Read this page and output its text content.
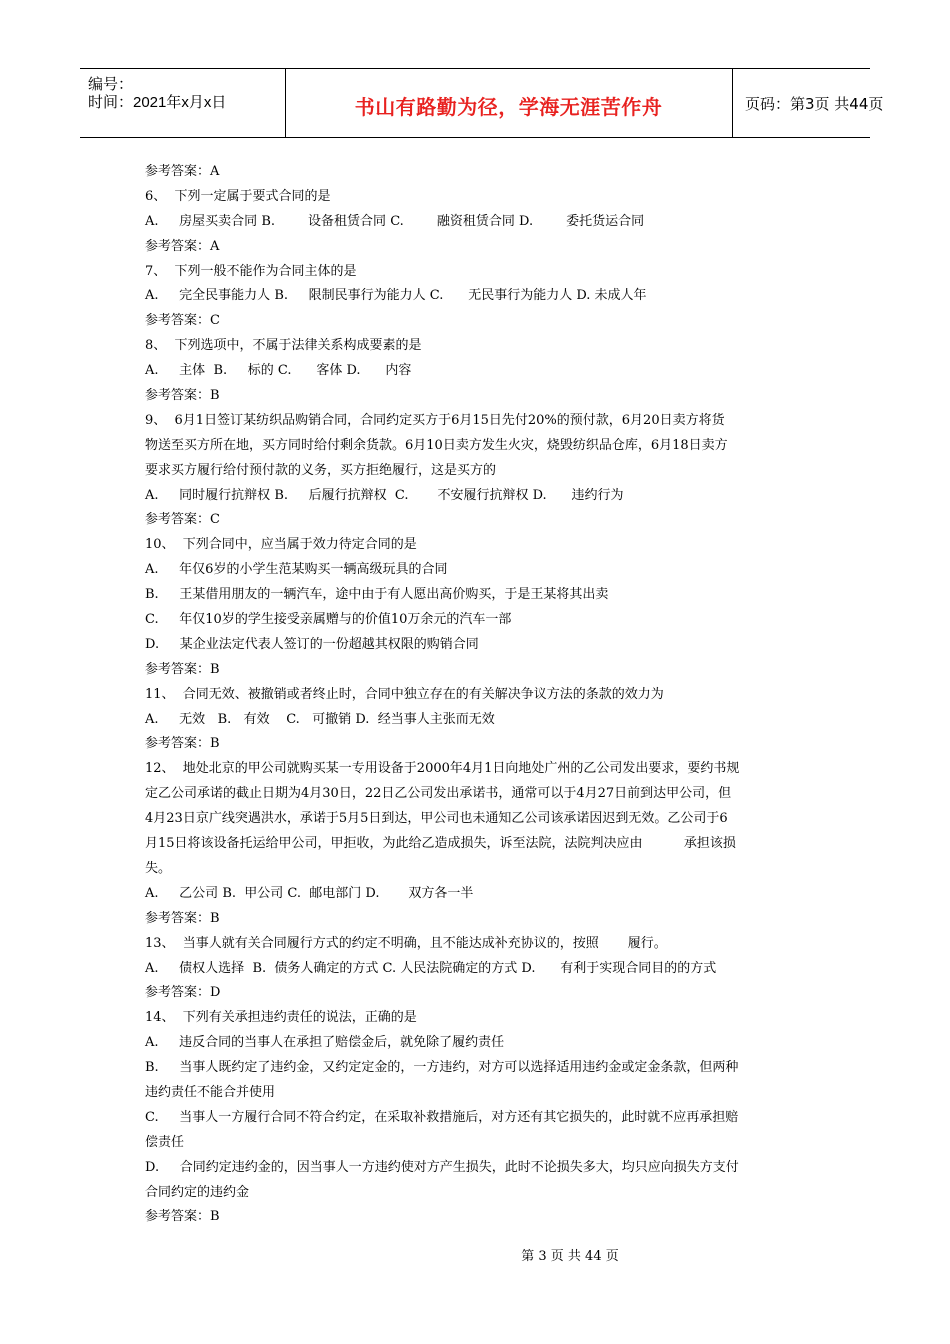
编号：
时间：2021年x月x日	书山有路勤为径，学海无涯苦作舟	页码：第3页 共44页
参考答案：A
6、  下列一定属于要式合同的是
A.     房屋买卖合同 B.        设备租赁合同 C.        融资租赁合同 D.        委托货运合同
参考答案：A
7、  下列一般不能作为合同主体的是
A.     完全民事能力人 B.     限制民事行为能力人 C.      无民事行为能力人 D. 未成人年
参考答案：C
8、  下列选项中，不属于法律关系构成要素的是
A.     主体  B.     标的 C.      客体 D.      内容
参考答案：B
9、  6月1日签订某纺织品购销合同，合同约定买方于6月15日先付20%的预付款，6月20日卖方将货
物送至买方所在地，买方同时给付剩余货款。6月10日卖方发生火灾，烧毁纺织品仓库，6月18日卖方
要求买方履行给付预付款的义务，买方拒绝履行，这是买方的
A.     同时履行抗辩权 B.     后履行抗辩权  C.       不安履行抗辩权 D.      违约行为
参考答案：C
10、  下列合同中，应当属于效力待定合同的是
A.     年仅6岁的小学生范某购买一辆高级玩具的合同
B.     王某借用朋友的一辆汽车，途中由于有人愿出高价购买，于是王某将其出卖
C.     年仅10岁的学生接受亲属赠与的价值10万余元的汽车一部
D.     某企业法定代表人签订的一份超越其权限的购销合同
参考答案：B
11、  合同无效、被撤销或者终止时，合同中独立存在的有关解决争议方法的条款的效力为
A.     无效   B.   有效    C.   可撤销 D.  经当事人主张而无效
参考答案：B
12、  地处北京的甲公司就购买某一专用设备于2000年4月1日向地处广州的乙公司发出要求，要约书规
定乙公司承诺的截止日期为4月30日，22日乙公司发出承诺书，通常可以于4月27日前到达甲公司，但
4月23日京广线突遇洪水，承诺于5月5日到达，甲公司也未通知乙公司该承诺因迟到无效。乙公司于6
月15日将该设备托运给甲公司，甲拒收，为此给乙造成损失，诉至法院，法院判决应由          承担该损
失。
A.     乙公司 B.  甲公司 C.  邮电部门 D.       双方各一半
参考答案：B
13、  当事人就有关合同履行方式的约定不明确，且不能达成补充协议的，按照       履行。
A.     债权人选择  B.  债务人确定的方式 C. 人民法院确定的方式 D.      有利于实现合同目的的方式
参考答案：D
14、  下列有关承担违约责任的说法，正确的是
A.     违反合同的当事人在承担了赔偿金后，就免除了履约责任
B.     当事人既约定了违约金，又约定定金的，一方违约，对方可以选择适用违约金或定金条款，但两种
违约责任不能合并使用
C.     当事人一方履行合同不符合约定，在采取补救措施后，对方还有其它损失的，此时就不应再承担赔
偿责任
D.     合同约定违约金的，因当事人一方违约使对方产生损失，此时不论损失多大，均只应向损失方支付
合同约定的违约金
参考答案：B
第 3 页 共 44 页
